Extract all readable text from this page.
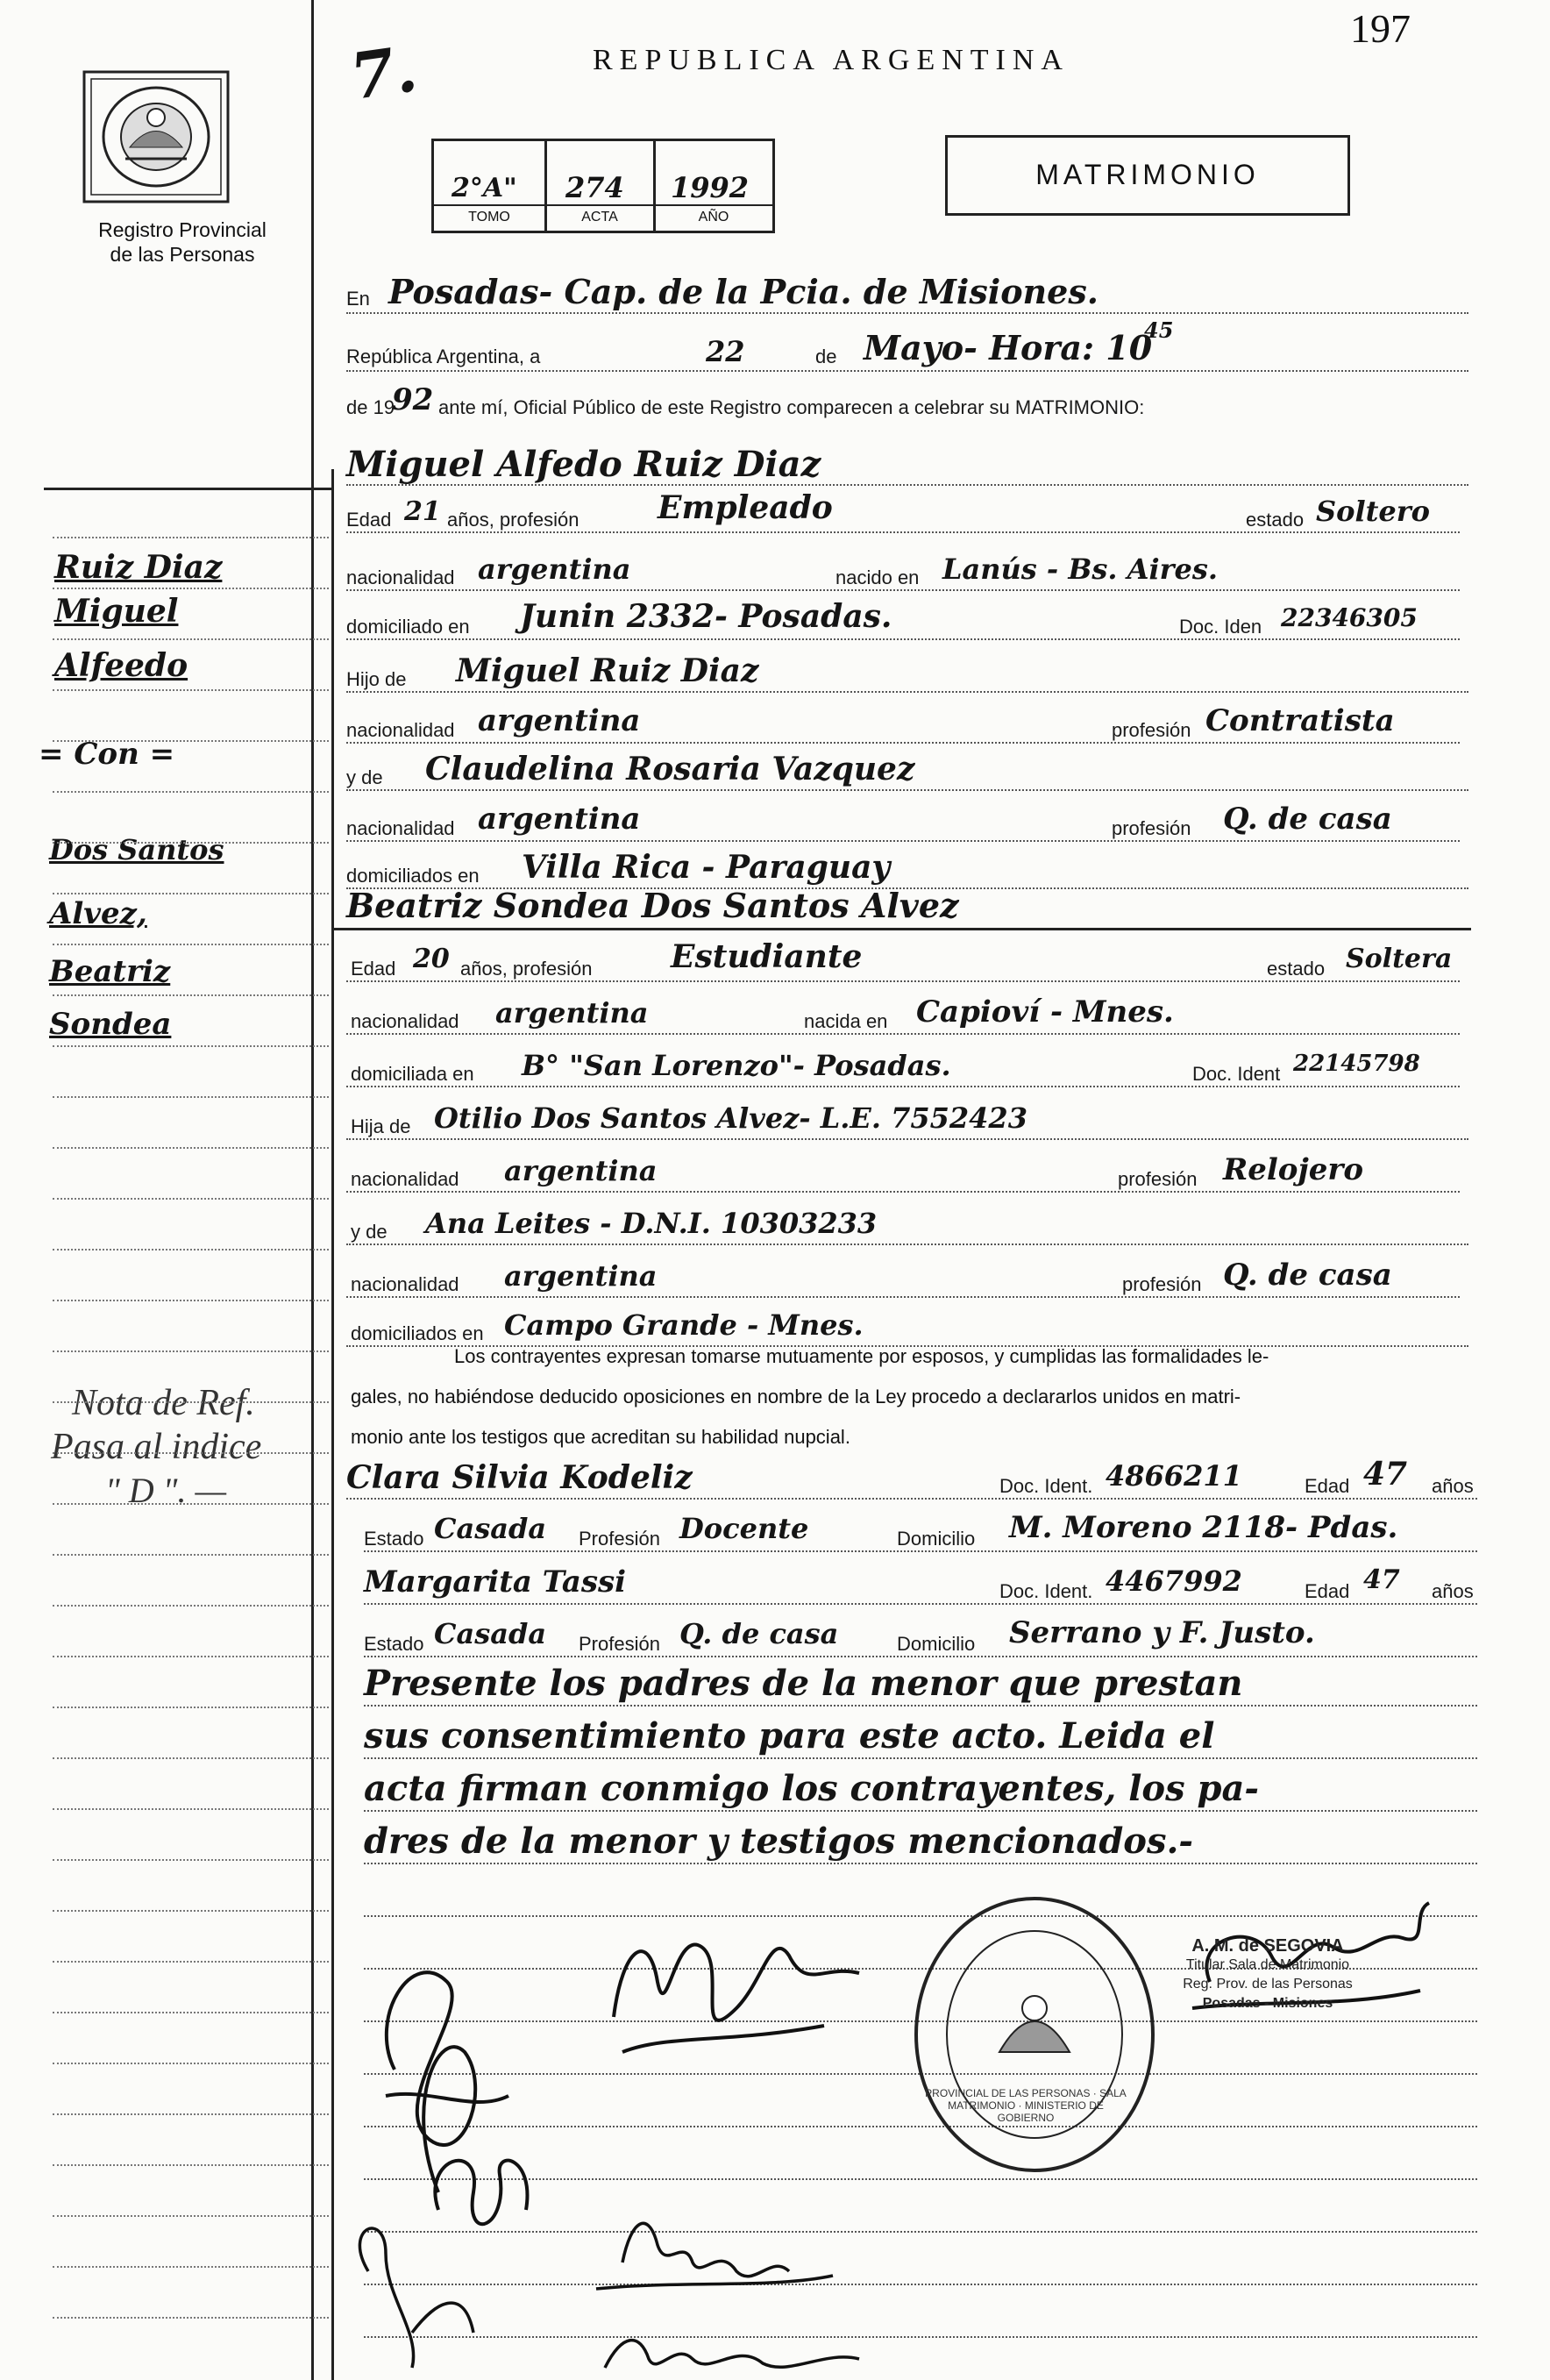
Registro Provincial
de las Personas
REPUBLICA ARGENTINA
197
7.
2°A" 274 1992
TOMO	ACTA	AÑO
MATRIMONIO
En Posadas- Cap. de la Pcia. de Misiones.
República Argentina, a	22	de Mayo- Hora: 10
45
de 19
92 ante mí, Oficial Público de este Registro comparecen a celebrar su MATRIMONIO:
Ruiz Diaz
Miguel
Alfeedo
= Con =
Dos Santos
Alvez,
Beatriz
Sondea
Nota de Ref.
Pasa al indice
" D ". —
Miguel Alfedo Ruiz Diaz
Edad 21 años, profesión Empleado	estado Soltero
nacionalidad argentina	nacido en Lanús - Bs. Aires.
domiciliado en Junin 2332- Posadas.	Doc. Iden 22346305
Hijo de Miguel Ruiz Diaz
nacionalidad argentina	profesión Contratista
y de Claudelina Rosaria Vazquez
nacionalidad argentina	profesión Q. de casa
domiciliados en Villa Rica - Paraguay
Beatriz Sondea Dos Santos Alvez
Edad 20 años, profesión Estudiante	estado Soltera
nacionalidad argentina	nacida en Capioví - Mnes.
domiciliada en B° "San Lorenzo"- Posadas.	Doc. Ident 22145798
Hija de Otilio Dos Santos Alvez- L.E. 7552423
nacionalidad argentina	profesión Relojero
y de Ana Leites - D.N.I. 10303233
nacionalidad argentina	profesión Q. de casa
domiciliados en Campo Grande - Mnes.
Los contrayentes expresan tomarse mutuamente por esposos, y cumplidas las formalidades le-
gales, no habiéndose deducido oposiciones en nombre de la Ley procedo a declararlos unidos en matri-
monio ante los testigos que acreditan su habilidad nupcial.
Clara Silvia Kodeliz	Doc. Ident. 4866211	Edad 47 años
Estado Casada Profesión Docente	Domicilio M. Moreno 2118- Pdas.
Margarita Tassi	Doc. Ident. 4467992	Edad 47 años
Estado Casada Profesión Q. de casa	Domicilio Serrano y F. Justo.
Presente los padres de la menor que prestan
sus consentimiento para este acto. Leida el
acta firman conmigo los contrayentes, los pa-
dres de la menor y testigos mencionados.-
A. M. de SEGOVIA
Titular Sala de Matrimonio
Reg. Prov. de las Personas
Posadas - Misiones
PROVINCIAL DE LAS PERSONAS · SALA MATRIMONIO · MINISTERIO DE GOBIERNO
